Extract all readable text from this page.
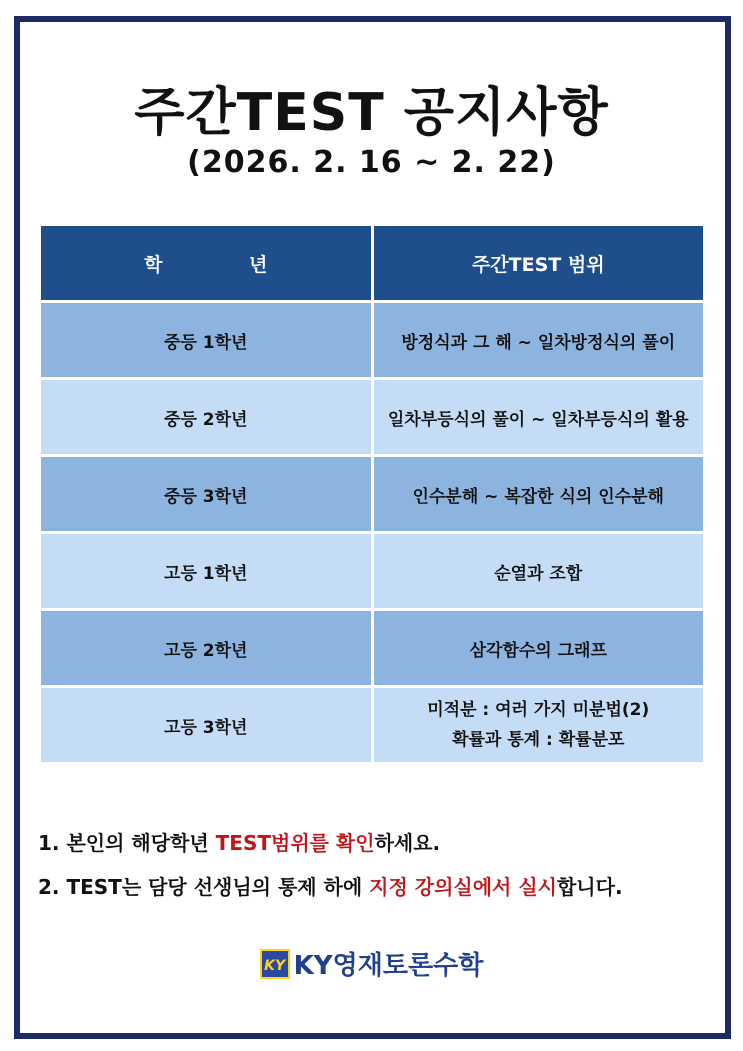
주간TEST 공지사항
(2026. 2. 16 ~ 2. 22)
학 년	주간TEST 범위
중등 1학년	방정식과 그 해 ~ 일차방정식의 풀이
중등 2학년	일차부등식의 풀이 ~ 일차부등식의 활용
중등 3학년	인수분해 ~ 복잡한 식의 인수분해
고등 1학년	순열과 조합
고등 2학년	삼각함수의 그래프
고등 3학년	미적분 : 여러 가지 미분법(2)
확률과 통계 : 확률분포
1. 본인의 해당학년 TEST범위를 확인하세요.
2. TEST는 담당 선생님의 통제 하에 지정 강의실에서 실시합니다.
KY KY영재토론수학
